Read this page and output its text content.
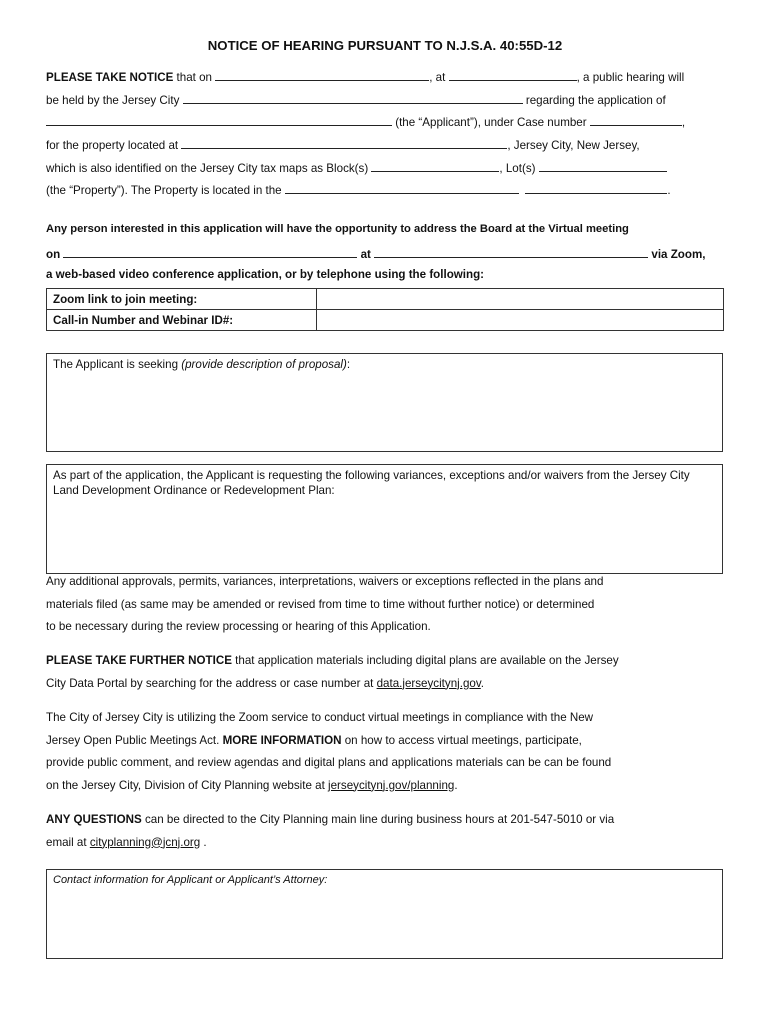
NOTICE OF HEARING PURSUANT TO N.J.S.A. 40:55D-12
PLEASE TAKE NOTICE that on	, at	, a public hearing will
be held by the Jersey City	regarding the application of
(the “Applicant”), under Case number	,
for the property located at	, Jersey City, New Jersey,
which is also identified on the Jersey City tax maps as Block(s)	, Lot(s)
(the “Property”). The Property is located in the	.
Any person interested in this application will have the opportunity to address the Board at the Virtual meeting
on	at	via Zoom,
a web-based video conference application, or by telephone using the following:
Zoom link to join meeting:	
Call-in Number and Webinar ID#:	
The Applicant is seeking (provide description of proposal):
As part of the application, the Applicant is requesting the following variances, exceptions and/or waivers from the Jersey City Land Development Ordinance or Redevelopment Plan:
Any additional approvals, permits, variances, interpretations, waivers or exceptions reflected in the plans and
materials filed (as same may be amended or revised from time to time without further notice) or determined
to be necessary during the review processing or hearing of this Application.
PLEASE TAKE FURTHER NOTICE that application materials including digital plans are available on the Jersey
City Data Portal by searching for the address or case number at data.jerseycitynj.gov.
The City of Jersey City is utilizing the Zoom service to conduct virtual meetings in compliance with the New
Jersey Open Public Meetings Act. MORE INFORMATION on how to access virtual meetings, participate,
provide public comment, and review agendas and digital plans and applications materials can be can be found
on the Jersey City, Division of City Planning website at jerseycitynj.gov/planning.
ANY QUESTIONS can be directed to the City Planning main line during business hours at 201-547-5010 or via
email at cityplanning@jcnj.org .
Contact information for Applicant or Applicant’s Attorney:
